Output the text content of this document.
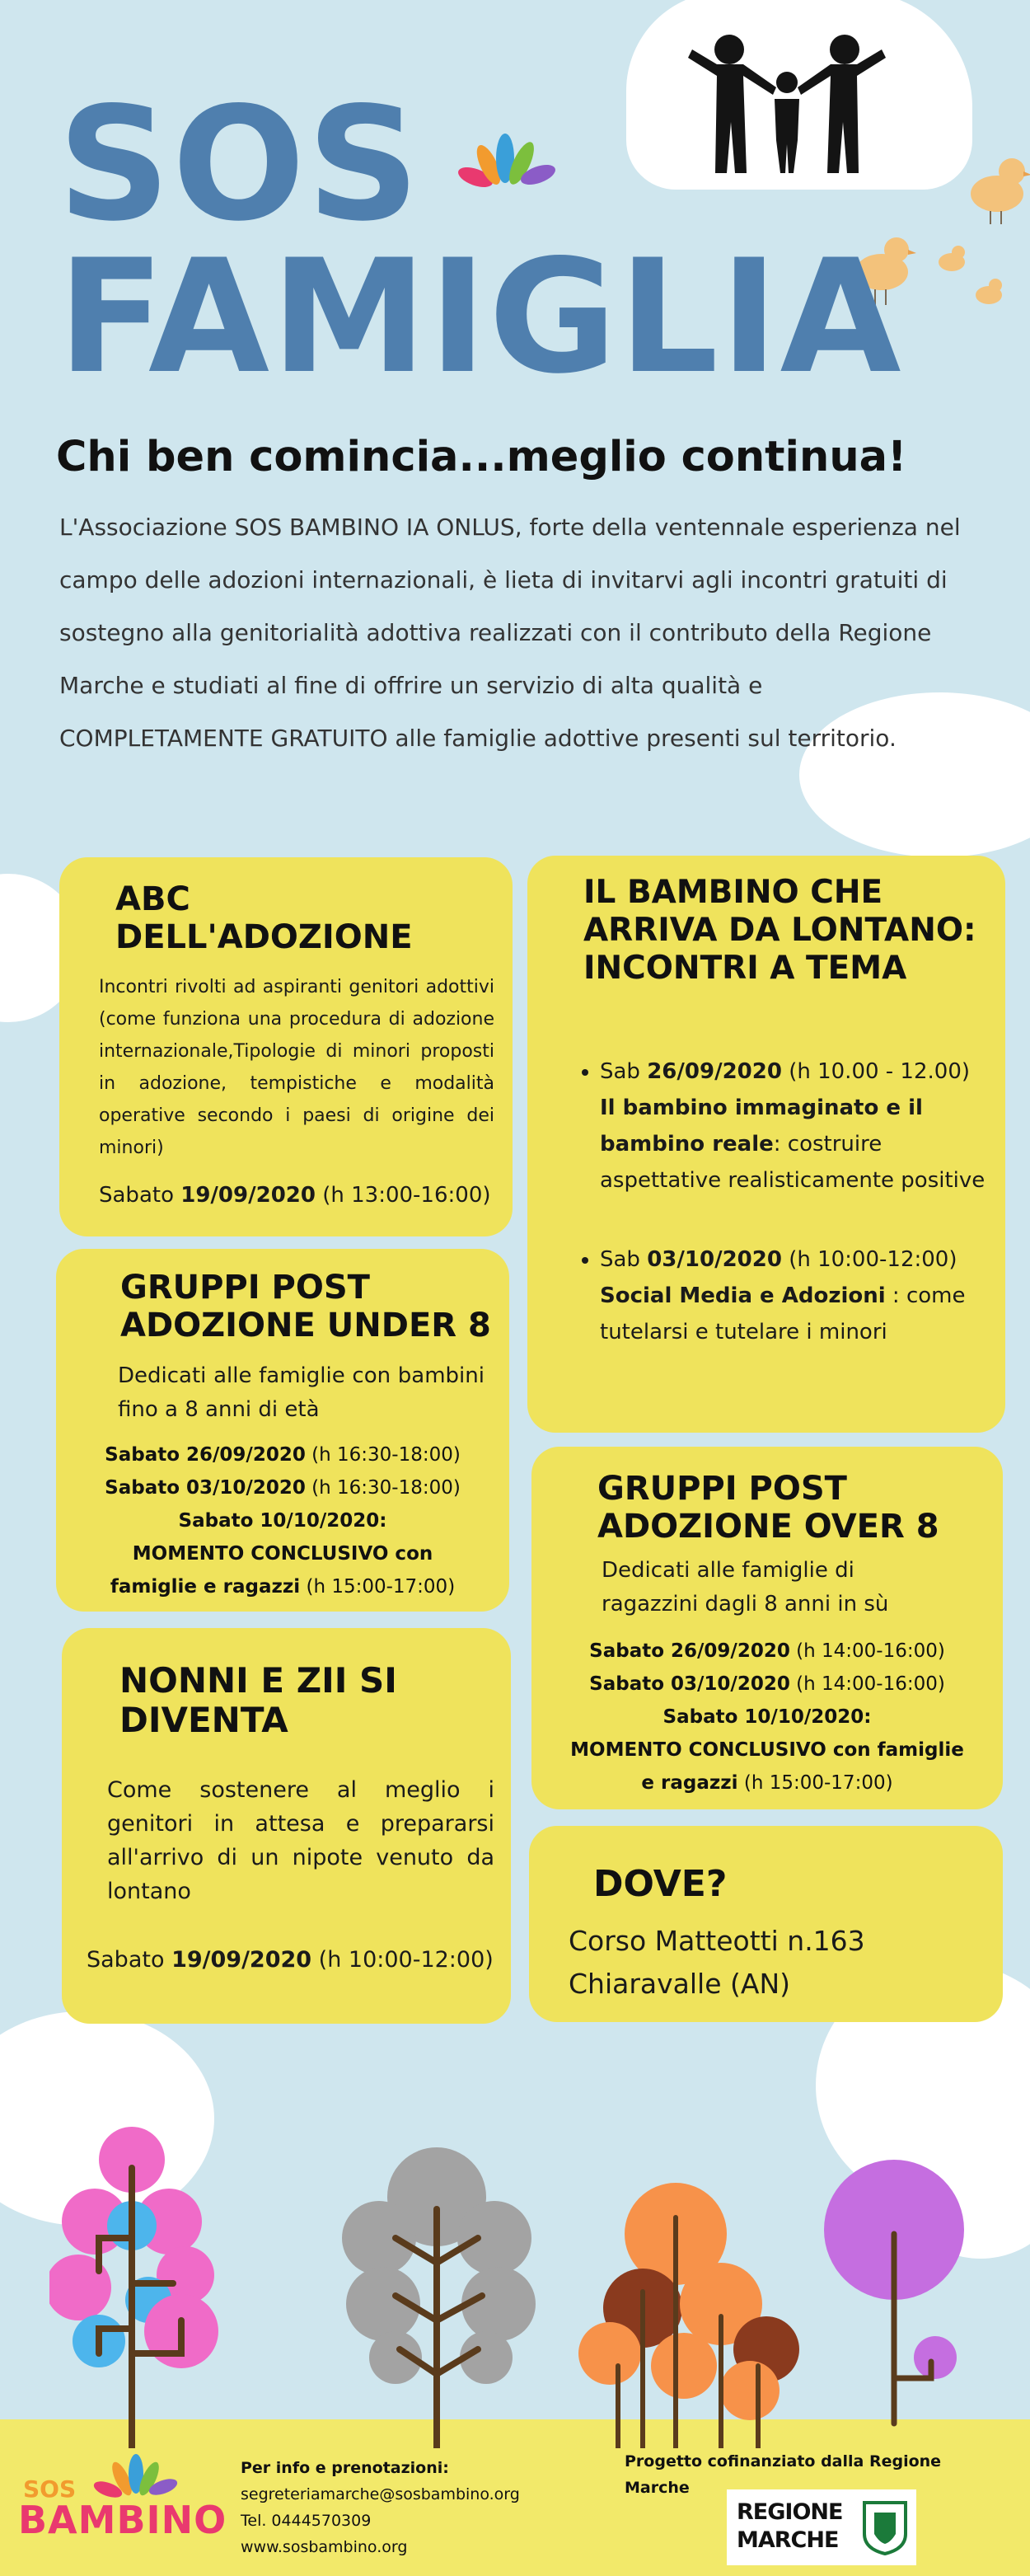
SOS
FAMIGLIA
Chi ben comincia...meglio continua!

L'Associazione SOS BAMBINO IA ONLUS, forte della ventennale esperienza nel campo delle adozioni internazionali, è lieta di invitarvi agli incontri gratuiti di sostegno alla genitorialità adottiva realizzati con il contributo della Regione Marche e studiati al fine di offrire un servizio di alta qualità e COMPLETAMENTE GRATUITO alle famiglie adottive presenti sul territorio.

ABC DELL'ADOZIONE

Incontri rivolti ad aspiranti genitori adottivi (come funziona una procedura di adozione internazionale,Tipologie di minori proposti in adozione, tempistiche e modalità operative secondo i paesi di origine dei minori)

Sabato 19/09/2020 (h 13:00-16:00)

IL BAMBINO CHE ARRIVA DA LONTANO: INCONTRI A TEMA
• Sab 26/09/2020 (h 10.00 - 12.00)
Il bambino immaginato e il bambino reale: costruire aspettative realisticamente positive
• Sab 03/10/2020 (h 10:00-12:00)
Social Media e Adozioni : come tutelarsi e tutelare i minori
GRUPPI POST ADOZIONE UNDER 8

Dedicati alle famiglie con bambini fino a 8 anni di età

Sabato 26/09/2020 (h 16:30-18:00)
Sabato 03/10/2020 (h 16:30-18:00)
Sabato 10/10/2020:
MOMENTO CONCLUSIVO con famiglie e ragazzi (h 15:00-17:00)
GRUPPI POST ADOZIONE OVER 8

Dedicati alle famiglie di ragazzini dagli 8 anni in sù

Sabato 26/09/2020 (h 14:00-16:00)
Sabato 03/10/2020 (h 14:00-16:00)
Sabato 10/10/2020:
MOMENTO CONCLUSIVO con famiglie e ragazzi (h 15:00-17:00)
NONNI E ZII SI DIVENTA

Come sostenere al meglio i genitori in attesa e prepararsi all'arrivo di un nipote venuto da lontano

Sabato 19/09/2020 (h 10:00-12:00)

DOVE?

Corso Matteotti n.163

Chiaravalle (AN)

SOS
BAMBINO
Per info e prenotazioni:
segreteriamarche@sosbambino.org
Tel. 0444570309
www.sosbambino.org
Progetto cofinanziato dalla Regione Marche
REGIONE
MARCHE
